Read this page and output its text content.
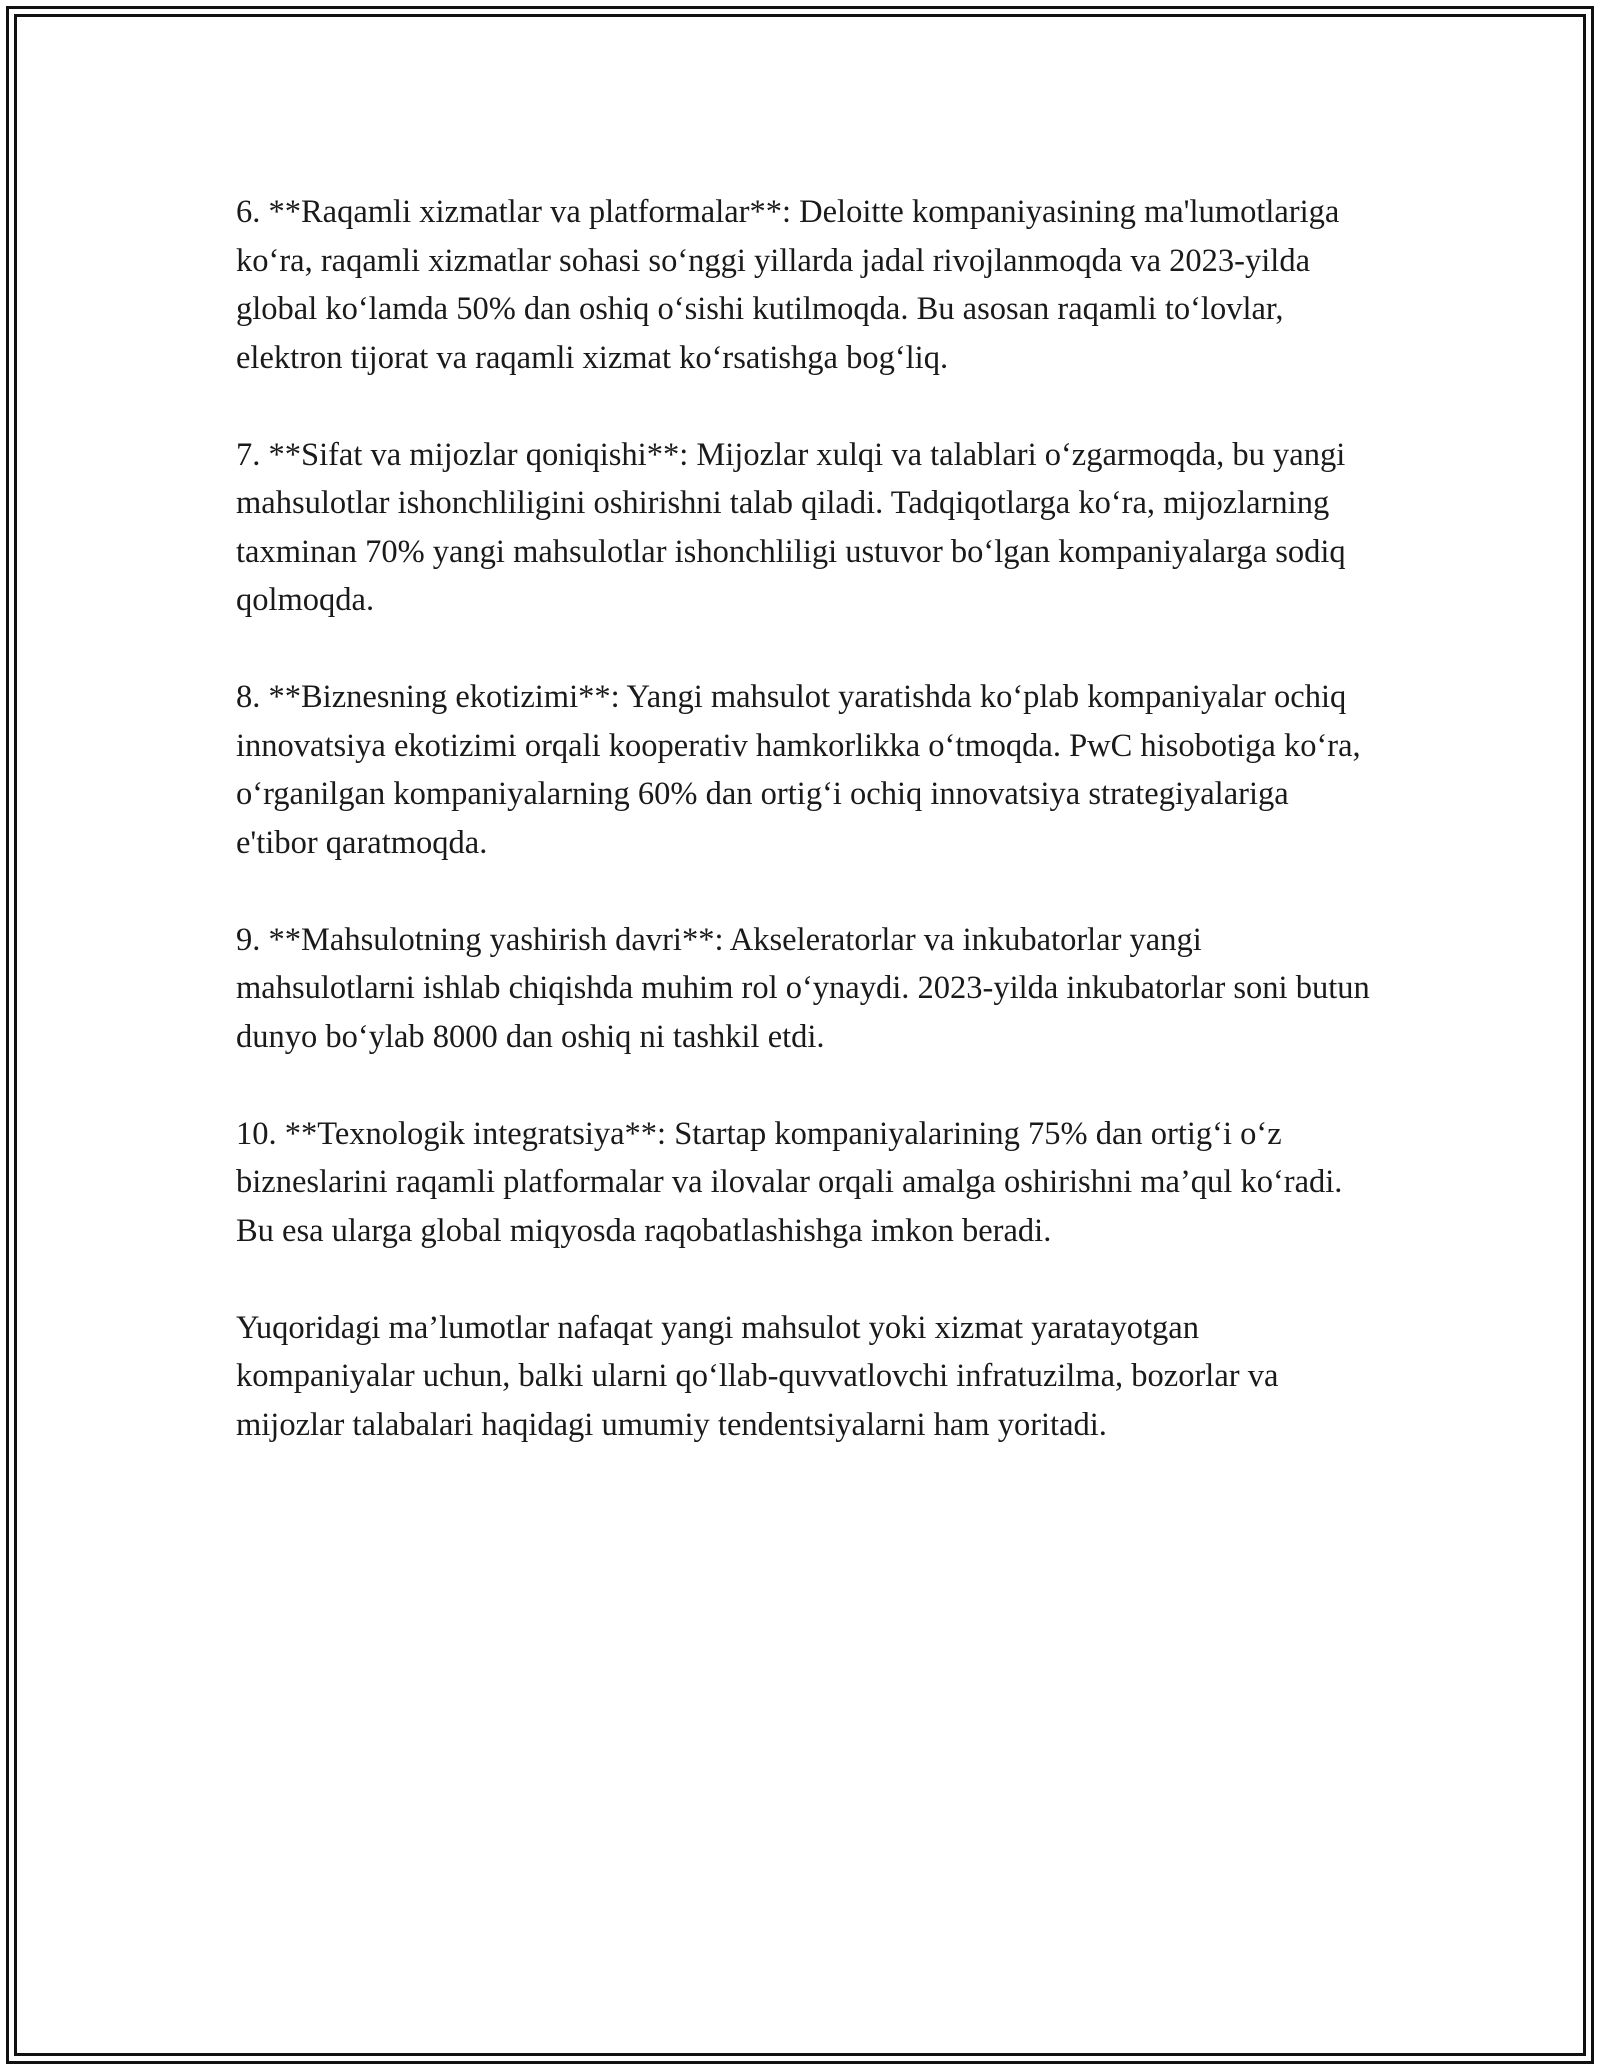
6. **Raqamli xizmatlar va platformalar**: Deloitte kompaniyasining ma'lumotlariga ko‘ra, raqamli xizmatlar sohasi so‘nggi yillarda jadal rivojlanmoqda va 2023-yilda global ko‘lamda 50% dan oshiq o‘sishi kutilmoqda. Bu asosan raqamli to‘lovlar, elektron tijorat va raqamli xizmat ko‘rsatishga bog‘liq.

7. **Sifat va mijozlar qoniqishi**: Mijozlar xulqi va talablari o‘zgarmoqda, bu yangi mahsulotlar ishonchliligini oshirishni talab qiladi. Tadqiqotlarga ko‘ra, mijozlarning taxminan 70% yangi mahsulotlar ishonchliligi ustuvor bo‘lgan kompaniyalarga sodiq qolmoqda.

8. **Biznesning ekotizimi**: Yangi mahsulot yaratishda ko‘plab kompaniyalar ochiq innovatsiya ekotizimi orqali kooperativ hamkorlikka o‘tmoqda. PwC hisobotiga ko‘ra, o‘rganilgan kompaniyalarning 60% dan ortig‘i ochiq innovatsiya strategiyalariga e'tibor qaratmoqda.

9. **Mahsulotning yashirish davri**: Akseleratorlar va inkubatorlar yangi mahsulotlarni ishlab chiqishda muhim rol o‘ynaydi. 2023-yilda inkubatorlar soni butun dunyo bo‘ylab 8000 dan oshiq ni tashkil etdi.

10. **Texnologik integratsiya**: Startap kompaniyalarining 75% dan ortig‘i o‘z bizneslarini raqamli platformalar va ilovalar orqali amalga oshirishni ma’qul ko‘radi. Bu esa ularga global miqyosda raqobatlashishga imkon beradi.

Yuqoridagi ma’lumotlar nafaqat yangi mahsulot yoki xizmat yaratayotgan kompaniyalar uchun, balki ularni qo‘llab-quvvatlovchi infratuzilma, bozorlar va mijozlar talabalari haqidagi umumiy tendentsiyalarni ham yoritadi.
